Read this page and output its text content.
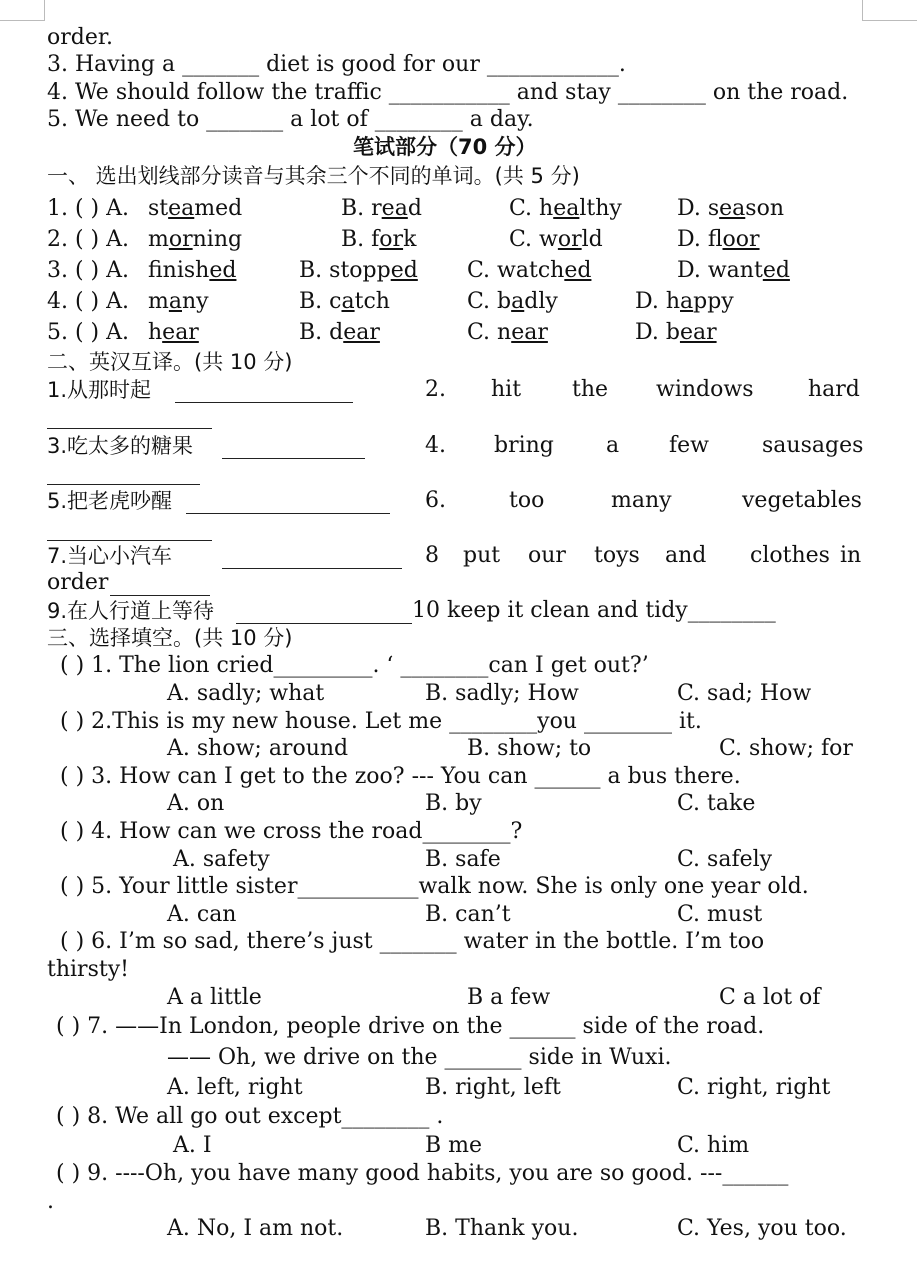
order.
3. Having a _______ diet is good for our ____________.
4. We should follow the traffic ___________ and stay ________ on the road.
5. We need to _______ a lot of ________ a day.
笔试部分（70 分）
一、 选出划线部分读音与其余三个不同的单词。(共 5 分)
1. ( ) A. steamed	B. read	C. healthy	D. season
2. ( ) A. morning	B. fork	C. world	D. floor
3. ( ) A. finished	B. stopped C. watched	D. wanted
4. ( ) A. many	B. catch	C. badly	D. happy
5. ( ) A. hear	B. dear	C. near	D. bear
二、英汉互译。(共 10 分)
1.从那时起	2. hit the windows hard
3.吃太多的糖果	4. bring a few sausages
5.把老虎吵醒	6.	too	many	vegetables
7.当心小汽车	8 put our toys and clothes in
order
9.在人行道上等待	10 keep it clean and tidy________
三、选择填空。(共 10 分)
( ) 1. The lion cried_________. ‘ ________can I get out?’
A. sadly; what	B. sadly; How	C. sad; How
( ) 2.This is my new house. Let me ________you ________ it.
A. show; around	B. show; to	C. show; for
( ) 3. How can I get to the zoo? --- You can ______ a bus there.
A. on	B. by	C. take
( ) 4. How can we cross the road________?
A. safety	B. safe	C. safely
( ) 5. Your little sister___________walk now. She is only one year old.
A. can	B. can’t	C. must
( ) 6. I’m so sad, there’s just _______ water in the bottle. I’m too
thirsty!
A a little	B a few	C a lot of
( ) 7. ——In London, people drive on the ______ side of the road.
—— Oh, we drive on the _______ side in Wuxi.
A. left, right	B. right, left	C. right, right
( ) 8. We all go out except________ .
A. I	B me	C. him
( ) 9. ----Oh, you have many good habits, you are so good. ---______
.
A. No, I am not.	B. Thank you.	C. Yes, you too.
